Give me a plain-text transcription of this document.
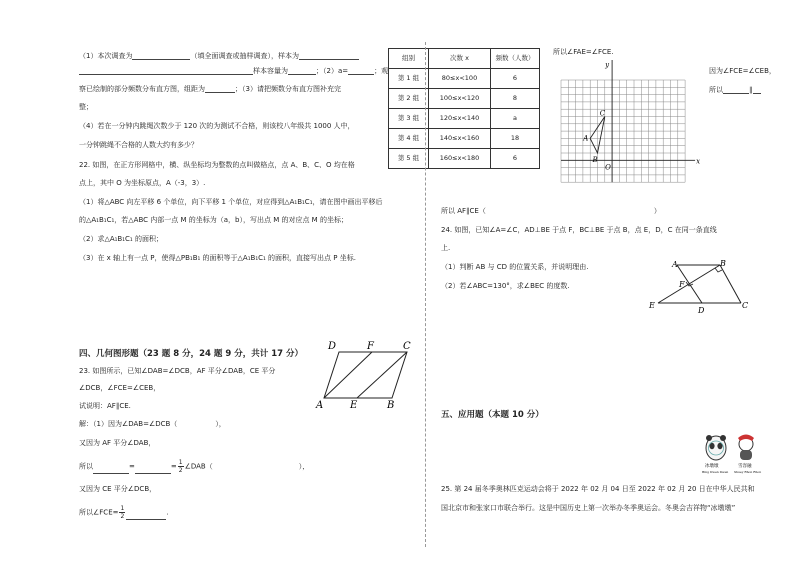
（1）本次调查为	（填全面调查或抽样调查），样本为
样本容量为	；（2）a=	；观
察已绘制的部分频数分布直方图，组距为	；（3）请把频数分布直方图补充完
整；
（4）若在一分钟内跳绳次数少于 120 次的为测试不合格，则该校八年级共 1000 人中，
一分钟跳绳不合格的人数大约有多少？
22. 如图，在正方形网格中，横、纵坐标均为整数的点叫做格点，点 A、B、C、O 均在格
点上，其中 O 为坐标原点，A（-3，3）.
（1）将△ABC 向左平移 6 个单位，向下平移 1 个单位，对应得到△A₁B₁C₁，请在图中画出平移后
的△A₁B₁C₁，若△ABC 内部一点 M 的坐标为（a，b），写出点 M 的对应点 M 的坐标；
（2）求△A₁B₁C₁ 的面积；
（3）在 x 轴上有一点 P，使得△PB₁B₁ 的面积等于△A₁B₁C₁ 的面积，直接写出点 P 坐标.
四、几何图形题（23 题 8 分，24 题 9 分，共计 17 分）
23. 如图所示，已知∠DAB=∠DCB，AF 平分∠DAB，CE 平分
∠DCB，∠FCE=∠CEB，
试说明：AF∥CE.
解：（1）因为∠DAB=∠DCB（	），
又因为 AF 平分∠DAB，
所以	=	= $\frac{1}{2}$ ∠DAB（	），
又因为 CE 平分∠DCB，
所以∠FCE= $\frac{1}{2}$	.
D	F	C
A	E	B
组别	次数 x	频数（人数）
第 1 组	80≤x<100	6
第 2 组	100≤x<120	8
第 3 组	120≤x<140	a
第 4 组	140≤x<160	18
第 5 组	160≤x<180	6
所以∠FAE=∠FCE.
因为∠FCE=∠CEB，
所以	∥
y
x
O
A
B
C
所以 AF∥CE（	）
24. 如图，已知∠A=∠C，AD⊥BE 于点 F，BC⊥BE 于点 B，点 E，D，C 在同一条直线
上.
（1）判断 AB 与 CD 的位置关系，并说明理由.
（2）若∠ABC=130°，求∠BEC 的度数.
A	B
F
E
D
C
五、应用题（本题 10 分）
冰墩墩
Bing Dwen Dwen
雪容融
Shuey Rhon Rhon
25. 第 24 届冬季奥林匹克运动会将于 2022 年 02 月 04 日至 2022 年 02 月 20 日在中华人民共和
国北京市和张家口市联合举行。这是中国历史上第一次举办冬季奥运会。冬奥会吉祥物“冰墩墩”
